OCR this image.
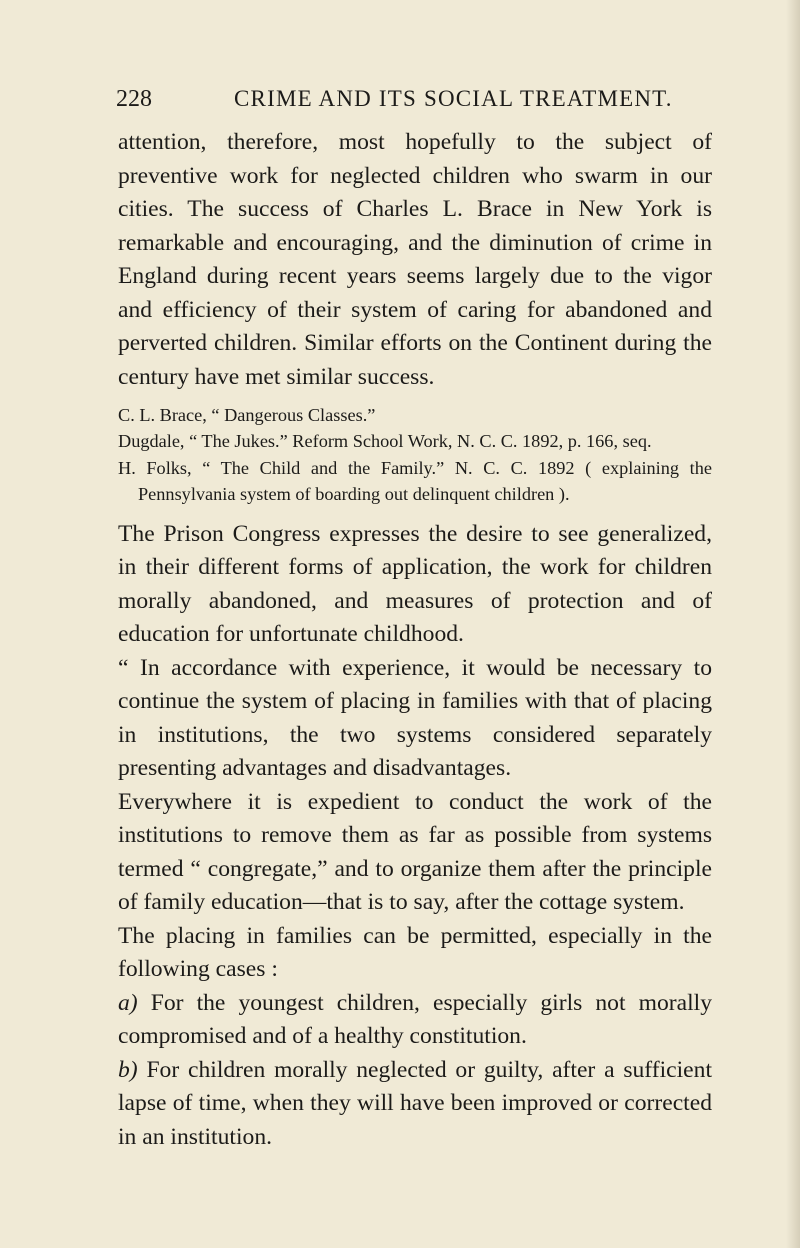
228	CRIME AND ITS SOCIAL TREATMENT.

attention, therefore, most hopefully to the subject of preventive work for neglected children who swarm in our cities. The success of Charles L. Brace in New York is remarkable and encouraging, and the diminution of crime in England during recent years seems largely due to the vigor and efficiency of their system of caring for abandoned and perverted children. Similar efforts on the Continent during the century have met similar success.

C. L. Brace, “ Dangerous Classes.”
Dugdale, “ The Jukes.” Reform School Work, N. C. C. 1892, p. 166, seq.
H. Folks, “ The Child and the Family.” N. C. C. 1892 ( explaining the Pennsylvania system of boarding out delinquent children ).

The Prison Congress expresses the desire to see generalized, in their different forms of application, the work for children morally abandoned, and measures of protection and of education for unfortunate childhood.

“ In accordance with experience, it would be necessary to continue the system of placing in families with that of placing in institutions, the two systems considered separately presenting advantages and disadvantages.

Everywhere it is expedient to conduct the work of the institutions to remove them as far as possible from systems termed “ congregate,” and to organize them after the principle of family education—that is to say, after the cottage system.

The placing in families can be permitted, especially in the following cases :

a) For the youngest children, especially girls not morally compromised and of a healthy constitution.

b) For children morally neglected or guilty, after a sufficient lapse of time, when they will have been improved or corrected in an institution.
